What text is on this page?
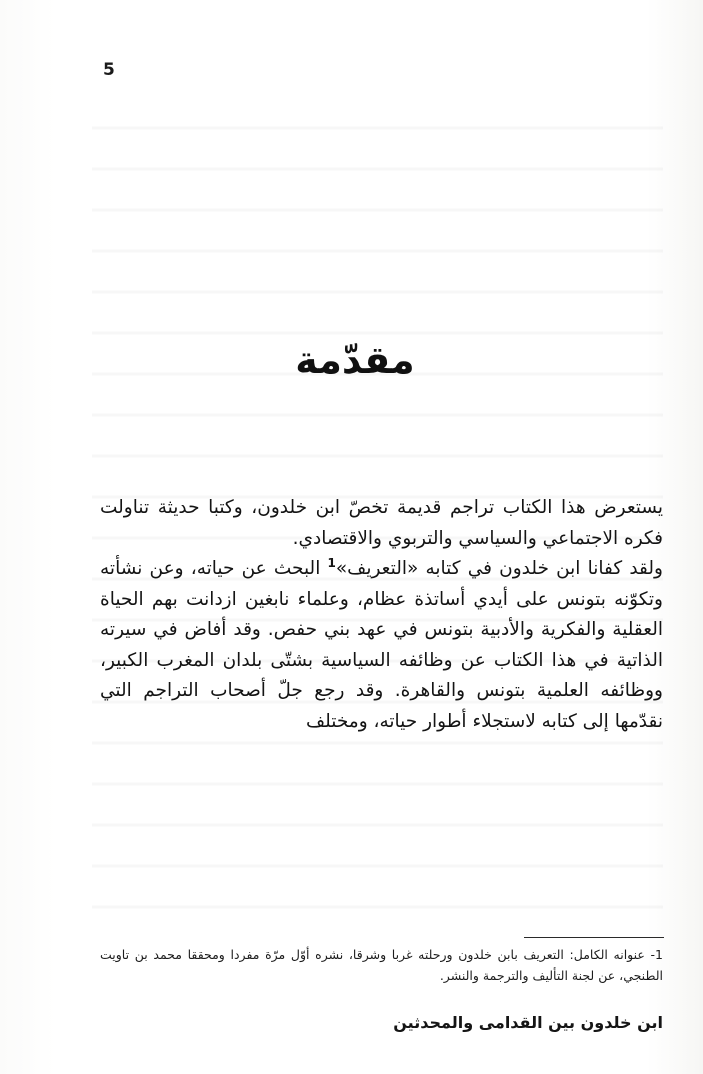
5
مقدّمة

يستعرض هذا الكتاب تراجم قديمة تخصّ ابن خلدون، وكتبا حديثة تناولت فكره الاجتماعي والسياسي والتربوي والاقتصادي.

ولقد كفانا ابن خلدون في كتابه «التعريف»$^1$ البحث عن حياته، وعن نشأته وتكوّنه بتونس على أيدي أساتذة عظام، وعلماء نابغين ازدانت بهم الحياة العقلية والفكرية والأدبية بتونس في عهد بني حفص. وقد أفاض في سيرته الذاتية في هذا الكتاب عن وظائفه السياسية بشتّى بلدان المغرب الكبير، ووظائفه العلمية بتونس والقاهرة. وقد رجع جلّ أصحاب التراجم التي نقدّمها إلى كتابه لاستجلاء أطوار حياته، ومختلف

1- عنوانه الكامل: التعريف بابن خلدون ورحلته غربا وشرقا، نشره أوّل مرّة مفردا ومحققا محمد بن تاويت الطنجي، عن لجنة التأليف والترجمة والنشر.
ابن خلدون بين القدامى والمحدثين
